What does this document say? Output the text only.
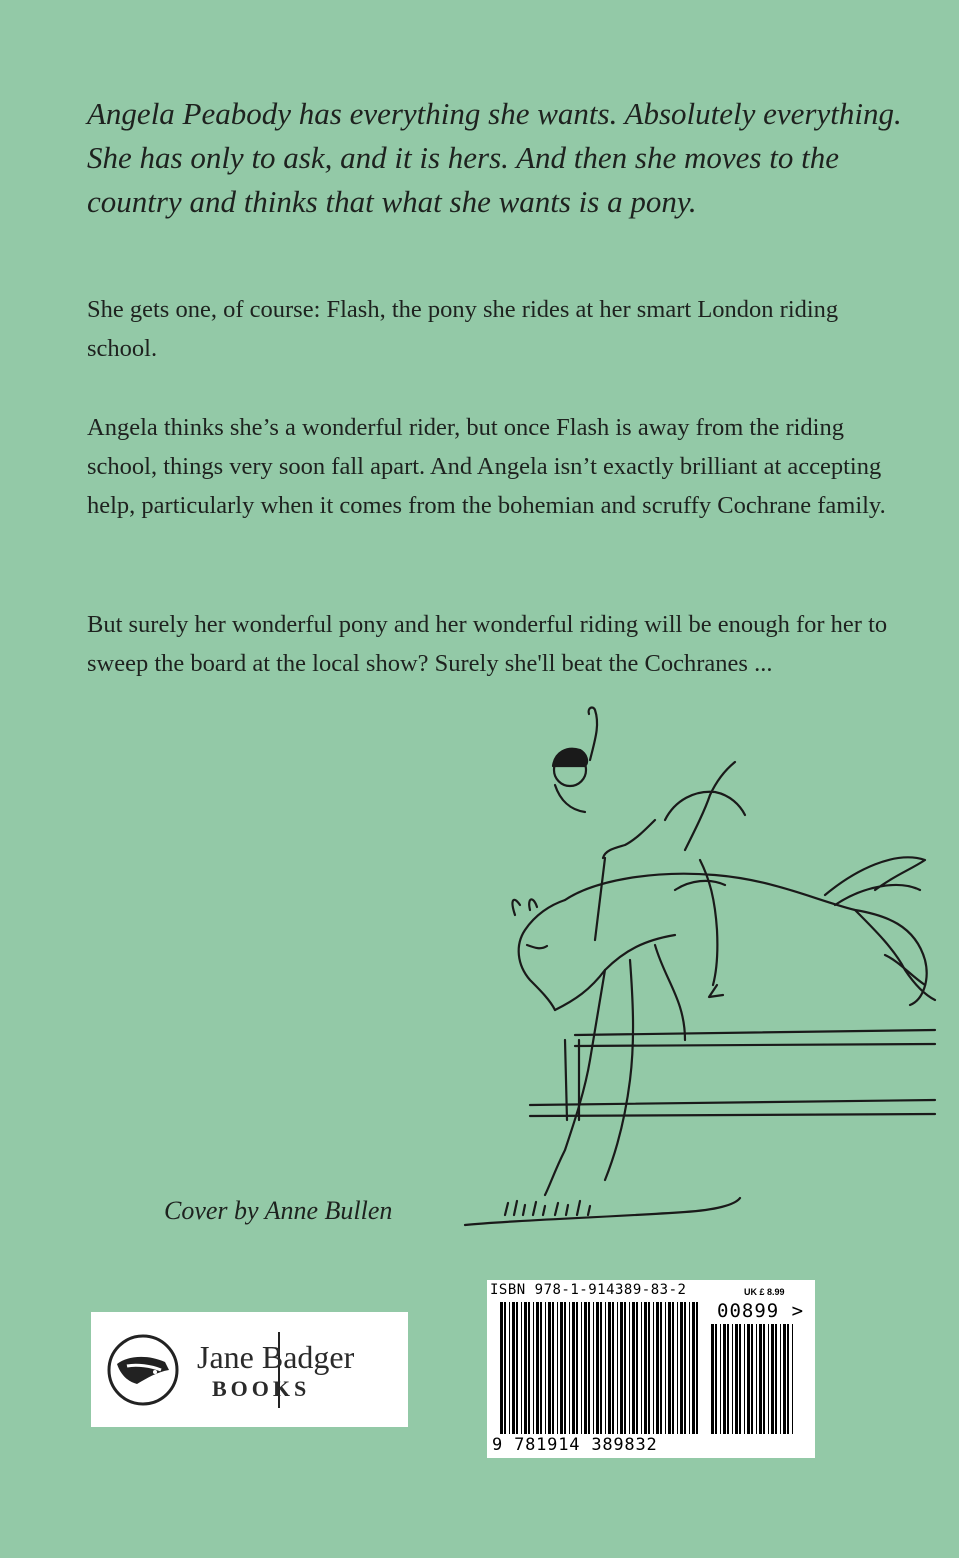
Angela Peabody has everything she wants. Absolutely everything. She has only to ask, and it is hers. And then she moves to the country and thinks that what she wants is a pony.

She gets one, of course: Flash, the pony she rides at her smart London riding school.

Angela thinks she’s a wonderful rider, but once Flash is away from the riding school, things very soon fall apart. And Angela isn’t exactly brilliant at accepting help, particularly when it comes from the bohemian and scruffy Cochrane family.

But surely her wonderful pony and her wonderful riding will be enough for her to sweep the board at the local show? Surely she'll beat the Cochranes ...

Cover by Anne Bullen

Jane Badger
BOOKS
ISBN 978-1-914389-83-2	UK £ 8.99
00899 >
9 781914 389832
